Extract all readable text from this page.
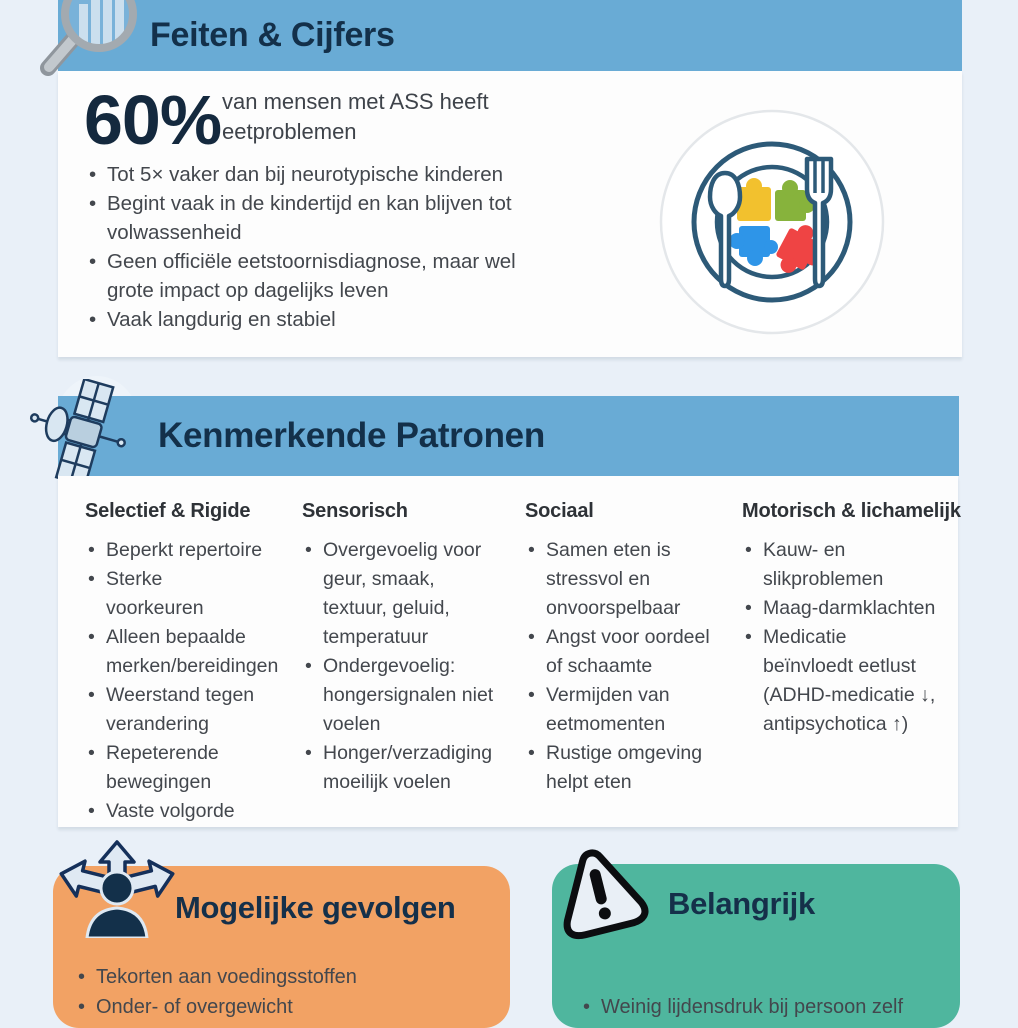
Feiten & Cijfers
60% van mensen met ASS heeft
eetproblemen
• Tot 5× vaker dan bij neurotypische kinderen
• Begint vaak in de kindertijd en kan blijven tot volwassenheid
• Geen officiële eetstoornisdiagnose, maar wel grote impact op dagelijks leven
• Vaak langdurig en stabiel
Kenmerkende Patronen
Selectief & Rigide
• Beperkt repertoire
• Sterke voorkeuren
• Alleen bepaalde merken/bereidingen
• Weerstand tegen verandering
• Repeterende bewegingen
• Vaste volgorde
Sensorisch
• Overgevoelig voor geur, smaak, textuur, geluid, temperatuur
• Ondergevoelig: hongersignalen niet voelen
• Honger/verzadiging moeilijk voelen
Sociaal
• Samen eten is stressvol en onvoorspelbaar
• Angst voor oordeel of schaamte
• Vermijden van eetmomenten
• Rustige omgeving helpt eten
Motorisch & lichamelijk
• Kauw- en slikproblemen
• Maag-darmklachten
• Medicatie beïnvloedt eetlust (ADHD-medicatie ↓, antipsychotica ↑)
Mogelijke gevolgen
• Tekorten aan voedingsstoffen
• Onder- of overgewicht
Belangrijk
• Weinig lijdensdruk bij persoon zelf
